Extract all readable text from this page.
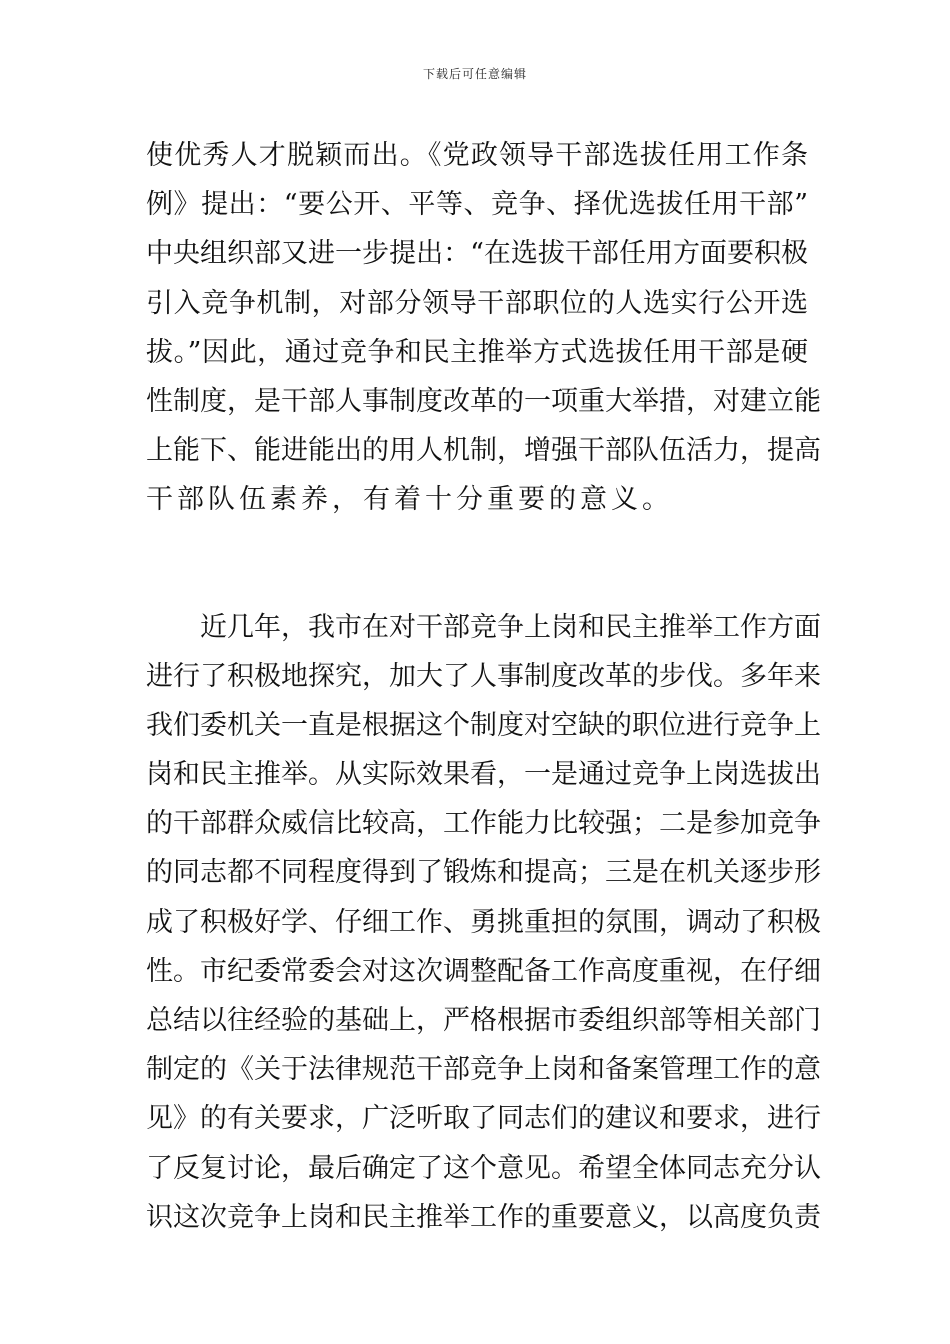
下载后可任意编辑
使优秀人才脱颖而出。《党政领导干部选拔任用工作条
例》提出：“要公开、平等、竞争、择优选拔任用干部”
中央组织部又进一步提出：“在选拔干部任用方面要积极
引入竞争机制，对部分领导干部职位的人选实行公开选
拔。”因此，通过竞争和民主推举方式选拔任用干部是硬
性制度，是干部人事制度改革的一项重大举措，对建立能
上能下、能进能出的用人机制，增强干部队伍活力，提高
干部队伍素养，有着十分重要的意义。
近几年，我市在对干部竞争上岗和民主推举工作方面
进行了积极地探究，加大了人事制度改革的步伐。多年来
我们委机关一直是根据这个制度对空缺的职位进行竞争上
岗和民主推举。从实际效果看，一是通过竞争上岗选拔出
的干部群众威信比较高，工作能力比较强；二是参加竞争
的同志都不同程度得到了锻炼和提高；三是在机关逐步形
成了积极好学、仔细工作、勇挑重担的氛围，调动了积极
性。市纪委常委会对这次调整配备工作高度重视，在仔细
总结以往经验的基础上，严格根据市委组织部等相关部门
制定的《关于法律规范干部竞争上岗和备案管理工作的意
见》的有关要求，广泛听取了同志们的建议和要求，进行
了反复讨论，最后确定了这个意见。希望全体同志充分认
识这次竞争上岗和民主推举工作的重要意义，以高度负责
